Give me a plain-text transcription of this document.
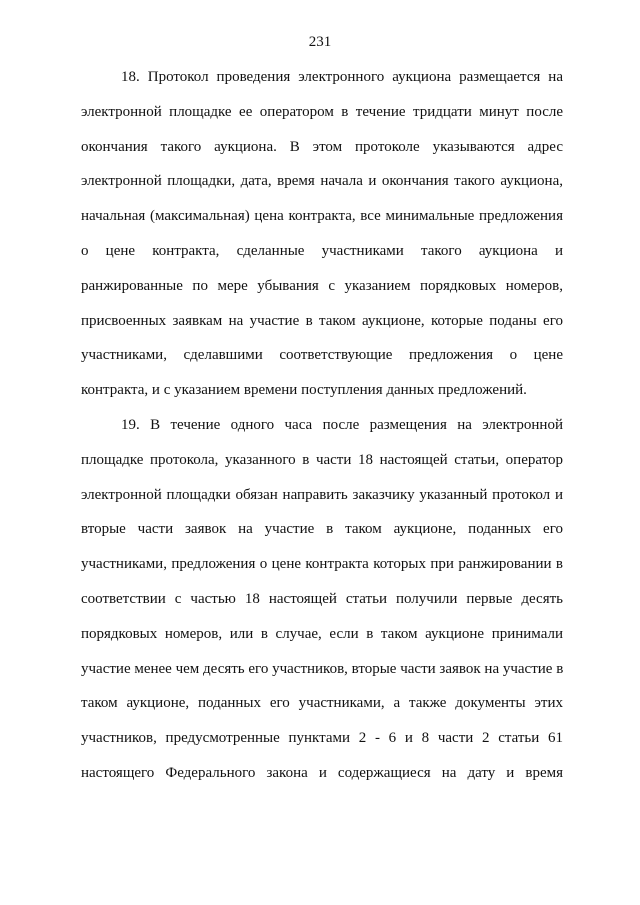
231
18. Протокол проведения электронного аукциона размещается на
электронной площадке ее оператором в течение тридцати минут после
окончания такого аукциона. В этом протоколе указываются адрес
электронной площадки, дата, время начала и окончания такого аукциона,
начальная (максимальная) цена контракта, все минимальные предложения
о цене контракта, сделанные участниками такого аукциона и
ранжированные по мере убывания с указанием порядковых номеров,
присвоенных заявкам на участие в таком аукционе, которые поданы его
участниками, сделавшими соответствующие предложения о цене
контракта, и с указанием времени поступления данных предложений.
19. В течение одного часа после размещения на электронной
площадке протокола, указанного в части 18 настоящей статьи, оператор
электронной площадки обязан направить заказчику указанный протокол и
вторые части заявок на участие в таком аукционе, поданных его
участниками, предложения о цене контракта которых при ранжировании в
соответствии с частью 18 настоящей статьи получили первые десять
порядковых номеров, или в случае, если в таком аукционе принимали
участие менее чем десять его участников, вторые части заявок на участие в
таком аукционе, поданных его участниками, а также документы этих
участников, предусмотренные пунктами 2 - 6 и 8 части 2 статьи 61
настоящего Федерального закона и содержащиеся на дату и время
